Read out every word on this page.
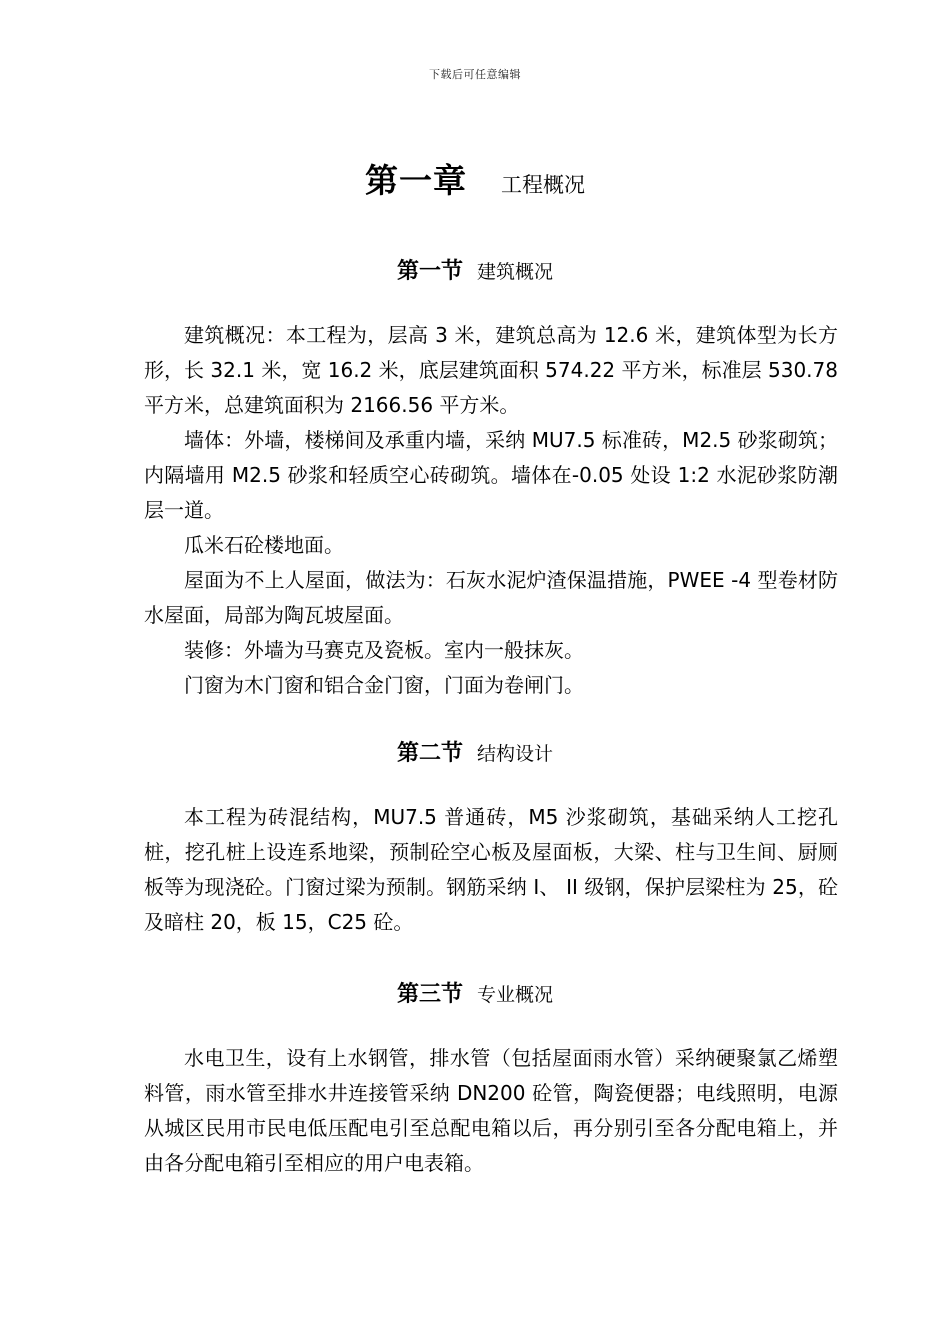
下载后可任意编辑
第一章 工程概况
第一节 建筑概况

建筑概况：本工程为，层高 3 米，建筑总高为 12.6 米，建筑体型为长方形，长 32.1 米，宽 16.2 米，底层建筑面积 574.22 平方米，标准层 530.78 平方米，总建筑面积为 2166.56 平方米。

墙体：外墙，楼梯间及承重内墙，采纳 MU7.5 标准砖，M2.5 砂浆砌筑；内隔墙用 M2.5 砂浆和轻质空心砖砌筑。墙体在-0.05 处设 1:2 水泥砂浆防潮层一道。

瓜米石砼楼地面。

屋面为不上人屋面，做法为：石灰水泥炉渣保温措施，PWEE -4 型卷材防水屋面，局部为陶瓦坡屋面。

装修：外墙为马赛克及瓷板。室内一般抹灰。

门窗为木门窗和铝合金门窗，门面为卷闸门。

第二节 结构设计

本工程为砖混结构，MU7.5 普通砖，M5 沙浆砌筑，基础采纳人工挖孔桩，挖孔桩上设连系地梁，预制砼空心板及屋面板，大梁、柱与卫生间、厨厕板等为现浇砼。门窗过梁为预制。钢筋采纳 I、 II 级钢，保护层梁柱为 25，砼及暗柱 20，板 15，C25 砼。

第三节 专业概况

水电卫生，设有上水钢管，排水管（包括屋面雨水管）采纳硬聚氯乙烯塑料管，雨水管至排水井连接管采纳 DN200 砼管，陶瓷便器；电线照明，电源从城区民用市民电低压配电引至总配电箱以后，再分别引至各分配电箱上，并由各分配电箱引至相应的用户电表箱。
